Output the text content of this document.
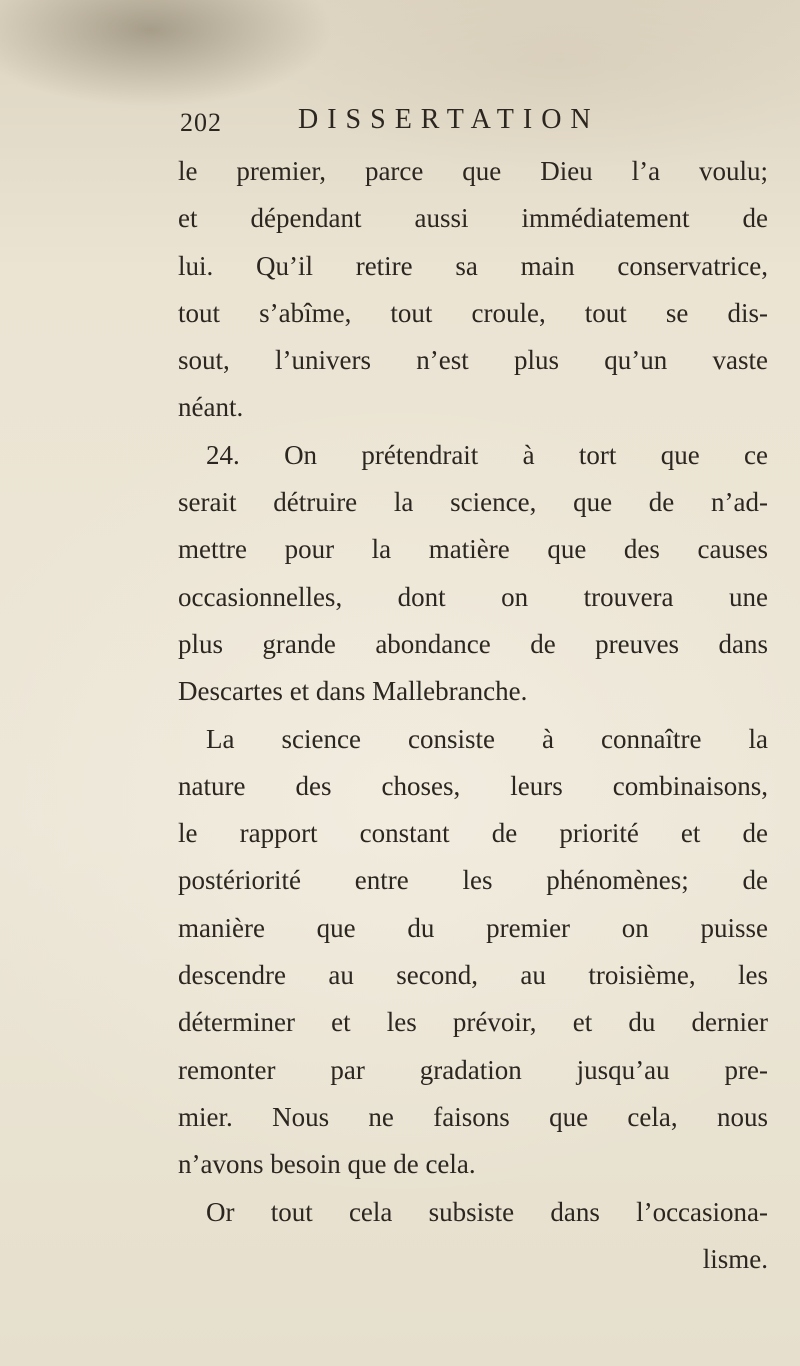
202	DISSERTATION
le premier, parce que Dieu l’a voulu;
et dépendant aussi immédiatement de
lui. Qu’il retire sa main conservatrice,
tout s’abîme, tout croule, tout se dis-
sout, l’univers n’est plus qu’un vaste
néant.
24. On prétendrait à tort que ce
serait détruire la science, que de n’ad-
mettre pour la matière que des causes
occasionnelles, dont on trouvera une
plus grande abondance de preuves dans
Descartes et dans Mallebranche.
La science consiste à connaître la
nature des choses, leurs combinaisons,
le rapport constant de priorité et de
postériorité entre les phénomènes; de
manière que du premier on puisse
descendre au second, au troisième, les
déterminer et les prévoir, et du dernier
remonter par gradation jusqu’au pre-
mier. Nous ne faisons que cela, nous
n’avons besoin que de cela.
Or tout cela subsiste dans l’occasiona-
lisme.
